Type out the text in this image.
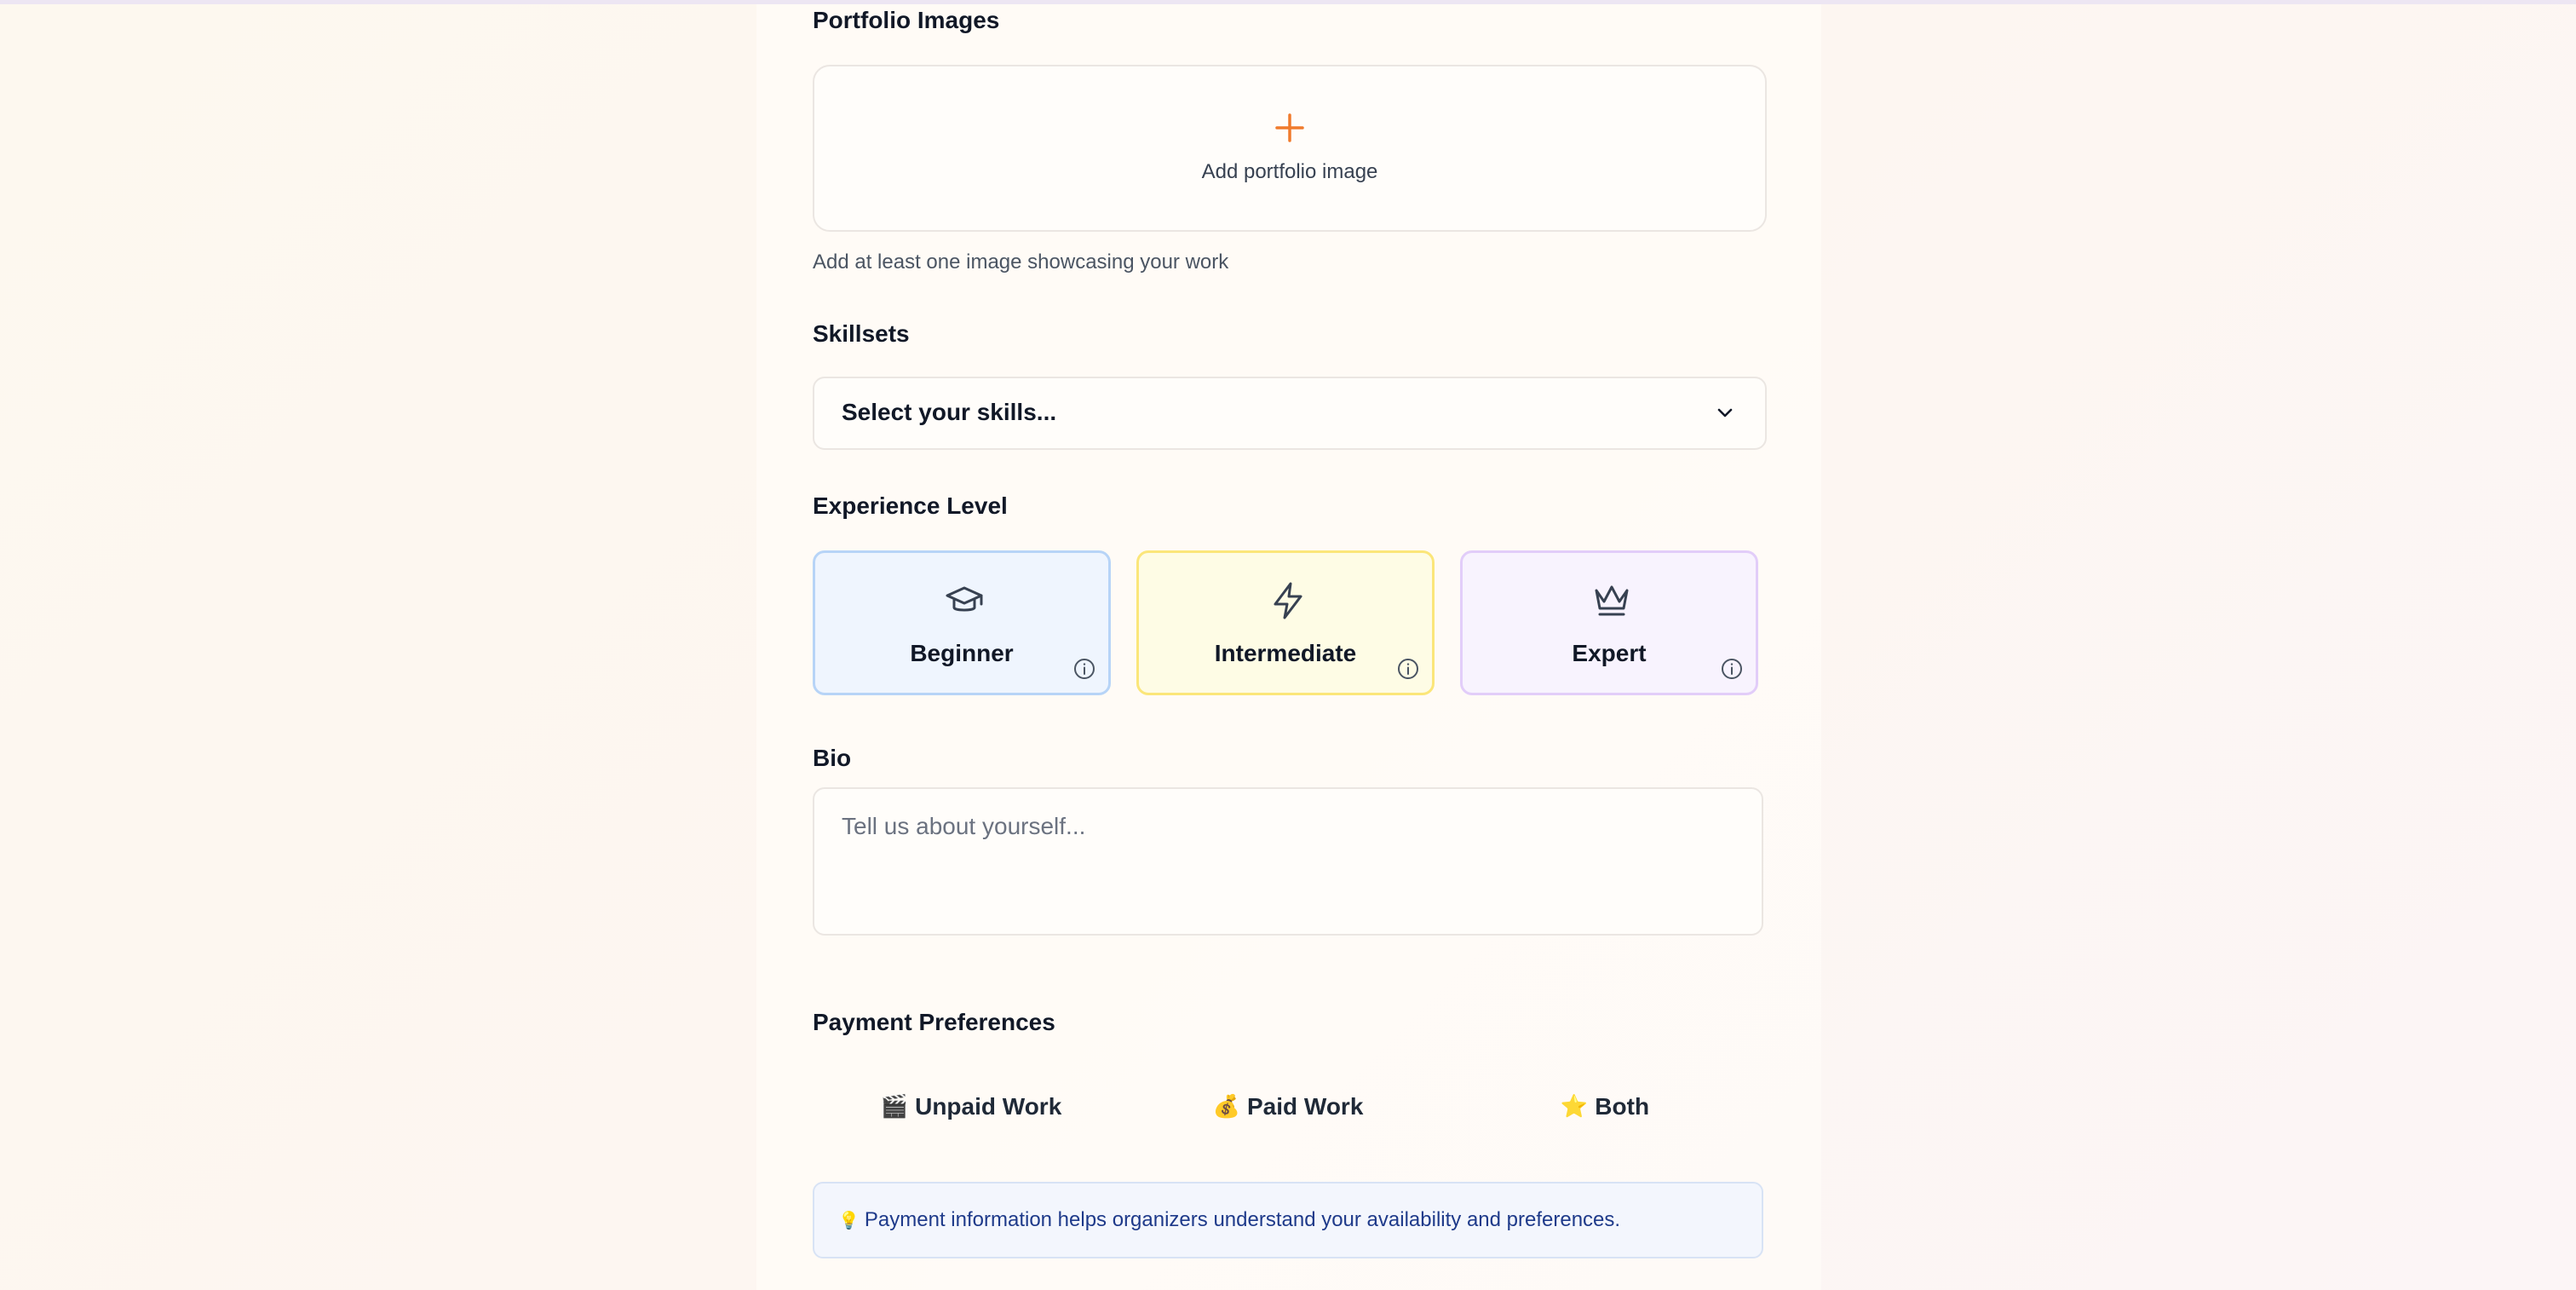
Portfolio Images
Add portfolio image
Add at least one image showcasing your work
Skillsets
Select your skills...
Experience Level
Beginner	Intermediate	Expert
Bio
Tell us about yourself...
Payment Preferences
🎬 Unpaid Work	💰 Paid Work	⭐ Both
💡 Payment information helps organizers understand your availability and preferences.
